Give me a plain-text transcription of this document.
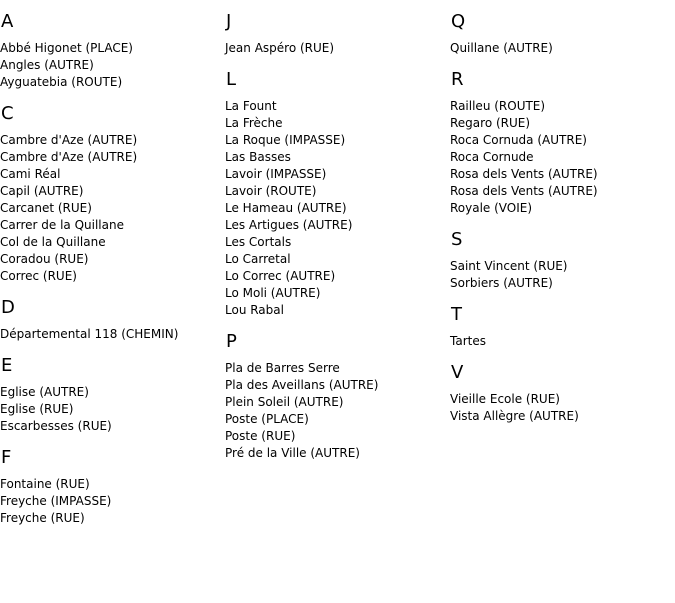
A
Abbé Higonet (PLACE)
Angles (AUTRE)
Ayguatebia (ROUTE)
C
Cambre d'Aze (AUTRE)
Cambre d'Aze (AUTRE)
Cami Réal
Capil (AUTRE)
Carcanet (RUE)
Carrer de la Quillane
Col de la Quillane
Coradou (RUE)
Correc (RUE)
D
Départemental 118 (CHEMIN)
E
Eglise (AUTRE)
Eglise (RUE)
Escarbesses (RUE)
F
Fontaine (RUE)
Freyche (IMPASSE)
Freyche (RUE)
J
Jean Aspéro (RUE)
L
La Fount
La Frèche
La Roque (IMPASSE)
Las Basses
Lavoir (IMPASSE)
Lavoir (ROUTE)
Le Hameau (AUTRE)
Les Artigues (AUTRE)
Les Cortals
Lo Carretal
Lo Correc (AUTRE)
Lo Moli (AUTRE)
Lou Rabal
P
Pla de Barres Serre
Pla des Aveillans (AUTRE)
Plein Soleil (AUTRE)
Poste (PLACE)
Poste (RUE)
Pré de la Ville (AUTRE)
Q
Quillane (AUTRE)
R
Railleu (ROUTE)
Regaro (RUE)
Roca Cornuda (AUTRE)
Roca Cornude
Rosa dels Vents (AUTRE)
Rosa dels Vents (AUTRE)
Royale (VOIE)
S
Saint Vincent (RUE)
Sorbiers (AUTRE)
T
Tartes
V
Vieille Ecole (RUE)
Vista Allègre (AUTRE)
